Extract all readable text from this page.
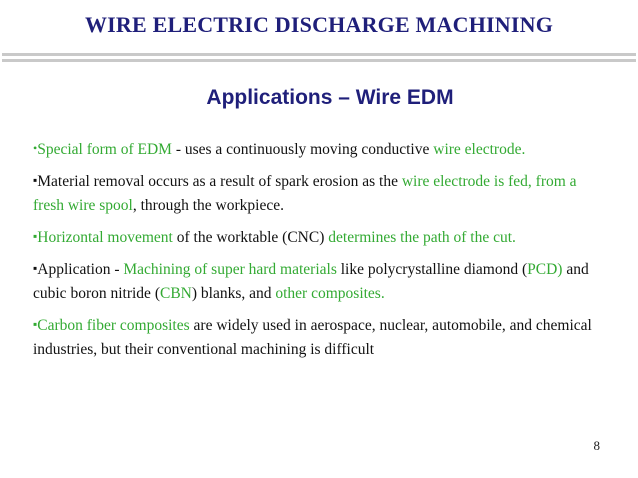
WIRE ELECTRIC DISCHARGE MACHINING
Applications – Wire EDM
•Special form of EDM - uses a continuously moving conductive wire electrode.
▪Material removal occurs as a result of spark erosion as the wire electrode is fed, from a fresh wire spool, through the workpiece.
▪Horizontal movement of the worktable (CNC) determines the path of the cut.
▪Application - Machining of super hard materials like polycrystalline diamond (PCD) and cubic boron nitride (CBN) blanks, and other composites.
▪Carbon fiber composites are widely used in aerospace, nuclear, automobile, and chemical industries, but their conventional machining is difficult
8
